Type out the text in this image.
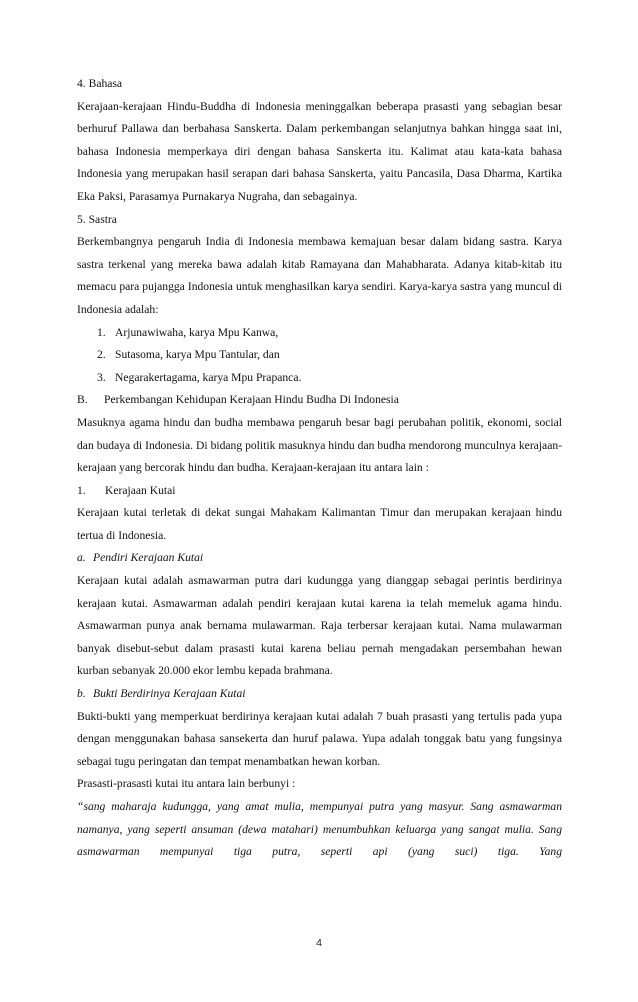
4. Bahasa

Kerajaan-kerajaan Hindu-Buddha di Indonesia meninggalkan beberapa prasasti yang sebagian besar berhuruf Pallawa dan berbahasa Sanskerta. Dalam perkembangan selanjutnya bahkan hingga saat ini, bahasa Indonesia memperkaya diri dengan bahasa Sanskerta itu. Kalimat atau kata-kata bahasa Indonesia yang merupakan hasil serapan dari bahasa Sanskerta, yaitu Pancasila, Dasa Dharma, Kartika Eka Paksi, Parasamya Purnakarya Nugraha, dan sebagainya.

5. Sastra

Berkembangnya pengaruh India di Indonesia membawa kemajuan besar dalam bidang sastra. Karya sastra terkenal yang mereka bawa adalah kitab Ramayana dan Mahabharata. Adanya kitab-kitab itu memacu para pujangga Indonesia untuk menghasilkan karya sendiri. Karya-karya sastra yang muncul di Indonesia adalah:

1. Arjunawiwaha, karya Mpu Kanwa,
2. Sutasoma, karya Mpu Tantular, dan
3. Negarakertagama, karya Mpu Prapanca.
B.	Perkembangan Kehidupan Kerajaan Hindu Budha Di Indonesia

Masuknya agama hindu dan budha membawa pengaruh besar bagi perubahan politik, ekonomi, social dan budaya di Indonesia. Di bidang politik masuknya hindu dan budha mendorong munculnya kerajaan-kerajaan yang bercorak hindu dan budha. Kerajaan-kerajaan itu antara lain :

1.	Kerajaan Kutai

Kerajaan kutai terletak di dekat sungai Mahakam Kalimantan Timur dan merupakan kerajaan hindu tertua di Indonesia.

a. Pendiri Kerajaan Kutai

Kerajaan kutai adalah asmawarman putra dari kudungga yang dianggap sebagai perintis berdirinya kerajaan kutai. Asmawarman adalah pendiri kerajaan kutai karena ia telah memeluk agama hindu. Asmawarman punya anak bernama mulawarman. Raja terbersar kerajaan kutai. Nama mulawarman banyak disebut-sebut dalam prasasti kutai karena beliau pernah mengadakan persembahan hewan kurban sebanyak 20.000 ekor lembu kepada brahmana.

b. Bukti Berdirinya Kerajaan Kutai

Bukti-bukti yang memperkuat berdirinya kerajaan kutai adalah 7 buah prasasti yang tertulis pada yupa dengan menggunakan bahasa sansekerta dan huruf palawa. Yupa adalah tonggak batu yang fungsinya sebagai tugu peringatan dan tempat menambatkan hewan korban.

Prasasti-prasasti kutai itu antara lain berbunyi :

“sang maharaja kudungga, yang amat mulia, mempunyai putra yang masyur. Sang asmawarman namanya, yang seperti ansuman (dewa matahari) menumbuhkan keluarga yang sangat mulia. Sang asmawarman mempunyai tiga putra, seperti api (yang suci) tiga. Yang

4
